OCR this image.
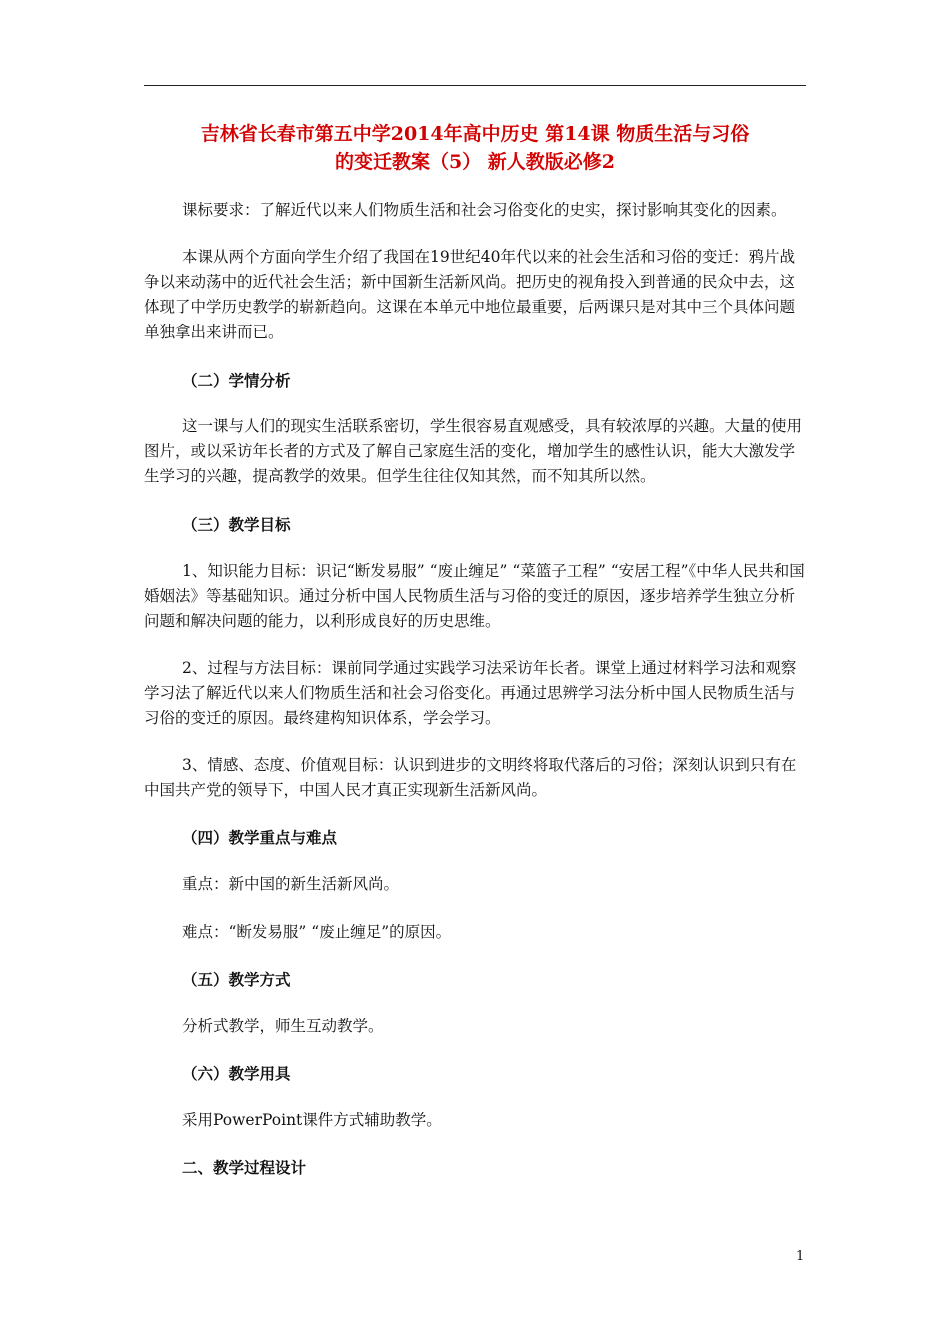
吉林省长春市第五中学2014年高中历史 第14课 物质生活与习俗
的变迁教案（5） 新人教版必修2
课标要求：了解近代以来人们物质生活和社会习俗变化的史实，探讨影响其变化的因素。
本课从两个方面向学生介绍了我国在19世纪40年代以来的社会生活和习俗的变迁：鸦片战争以来动荡中的近代社会生活；新中国新生活新风尚。把历史的视角投入到普通的民众中去，这体现了中学历史教学的崭新趋向。这课在本单元中地位最重要，后两课只是对其中三个具体问题单独拿出来讲而已。
（二）学情分析
这一课与人们的现实生活联系密切，学生很容易直观感受，具有较浓厚的兴趣。大量的使用图片，或以采访年长者的方式及了解自己家庭生活的变化，增加学生的感性认识，能大大激发学生学习的兴趣，提高教学的效果。但学生往往仅知其然，而不知其所以然。
（三）教学目标
1、知识能力目标：识记“断发易服” “废止缠足” “菜篮子工程” “安居工程”《中华人民共和国婚姻法》等基础知识。通过分析中国人民物质生活与习俗的变迁的原因，逐步培养学生独立分析问题和解决问题的能力，以利形成良好的历史思维。
2、过程与方法目标：课前同学通过实践学习法采访年长者。课堂上通过材料学习法和观察学习法了解近代以来人们物质生活和社会习俗变化。再通过思辨学习法分析中国人民物质生活与习俗的变迁的原因。最终建构知识体系，学会学习。
3、情感、态度、价值观目标：认识到进步的文明终将取代落后的习俗；深刻认识到只有在中国共产党的领导下，中国人民才真正实现新生活新风尚。
（四）教学重点与难点
重点：新中国的新生活新风尚。
难点：“断发易服” “废止缠足”的原因。
（五）教学方式
分析式教学，师生互动教学。
（六）教学用具
采用PowerPoint课件方式辅助教学。
二、教学过程设计
1
